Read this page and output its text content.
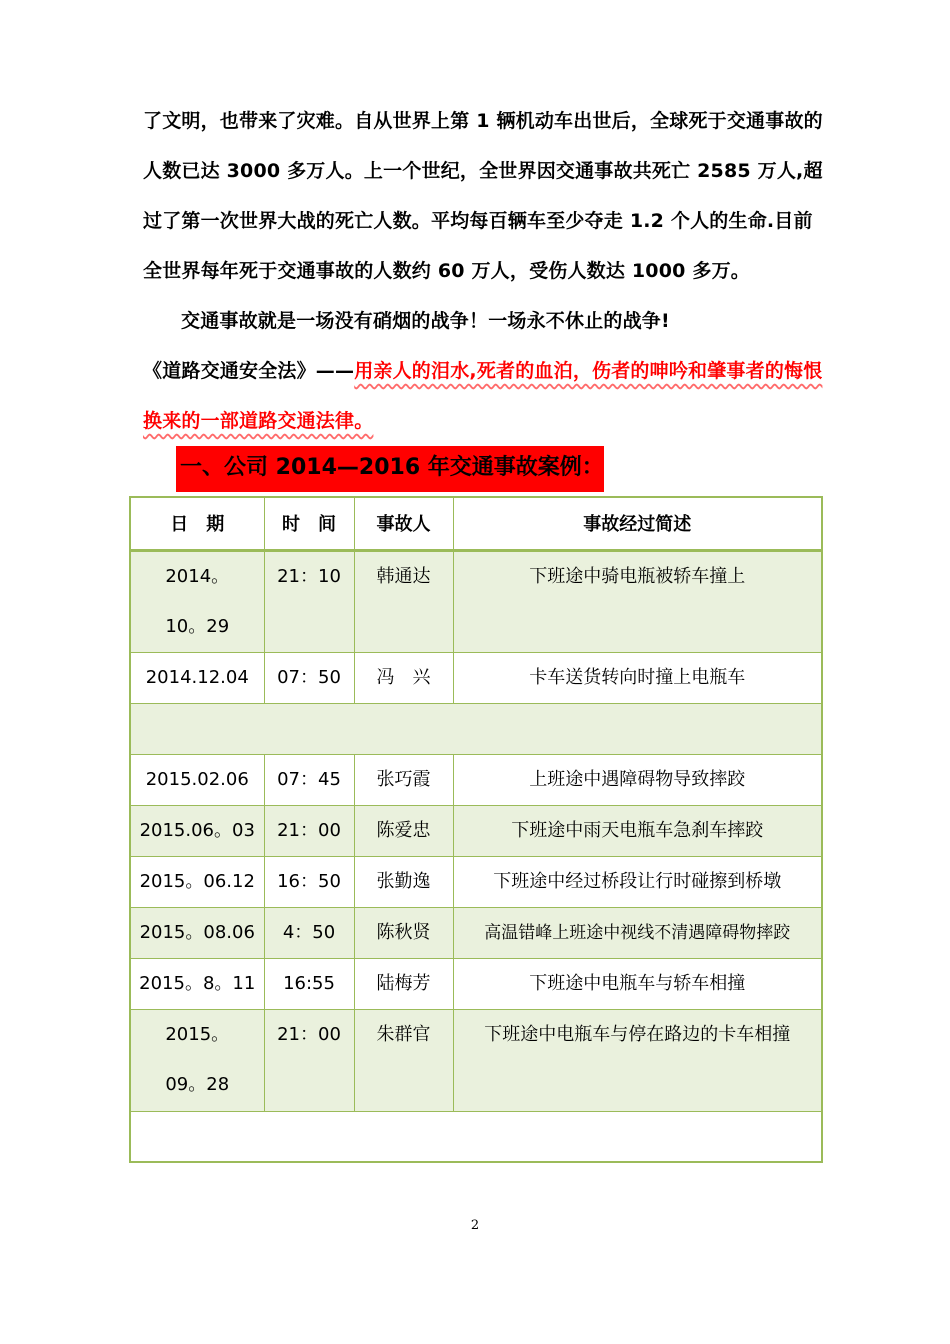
了文明，也带来了灾难。自从世界上第 1 辆机动车出世后，全球死于交通事故的人数已达 3000 多万人。上一个世纪，全世界因交通事故共死亡 2585 万人,超过了第一次世界大战的死亡人数。平均每百辆车至少夺走 1.2 个人的生命.目前全世界每年死于交通事故的人数约 60 万人，受伤人数达 1000 多万。
交通事故就是一场没有硝烟的战争！一场永不休止的战争!
《道路交通安全法》——用亲人的泪水,死者的血泊，伤者的呻吟和肇事者的悔恨换来的一部道路交通法律。
一、公司 2014—2016 年交通事故案例：
日　期	时　间	事故人	事故经过简述
2014。10。29	21：10	韩通达	下班途中骑电瓶被轿车撞上
2014.12.04	07：50	冯　兴	卡车送货转向时撞上电瓶车

2015.02.06	07：45	张巧霞	上班途中遇障碍物导致摔跤
2015.06。03	21：00	陈爱忠	下班途中雨天电瓶车急刹车摔跤
2015。06.12	16：50	张勤逸	下班途中经过桥段让行时碰擦到桥墩
2015。08.06	4：50	陈秋贤	高温错峰上班途中视线不清遇障碍物摔跤
2015。8。11	16:55	陆梅芳	下班途中电瓶车与轿车相撞
2015。09。28	21：00	朱群官	下班途中电瓶车与停在路边的卡车相撞

2
